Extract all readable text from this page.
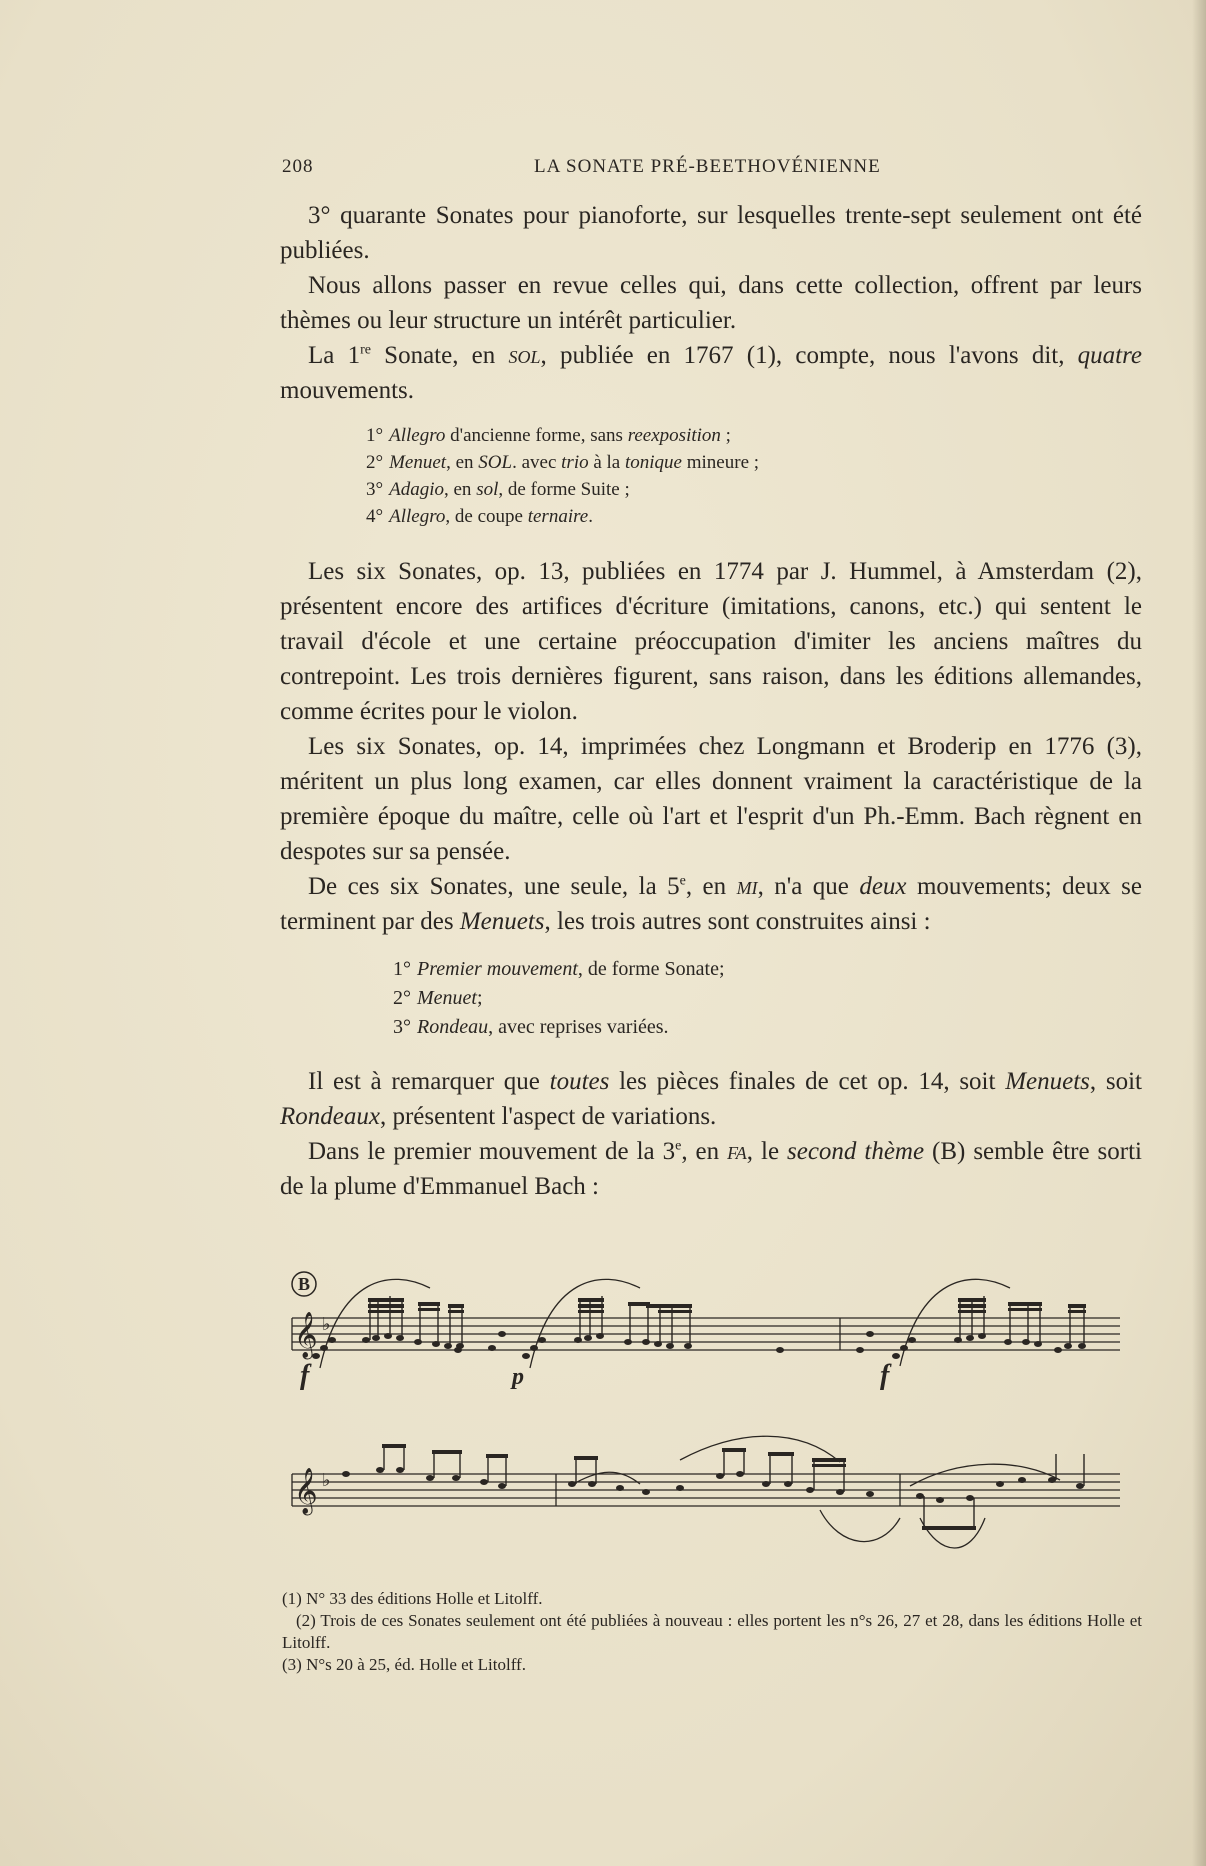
208	LA SONATE PRÉ-BEETHOVÉNIENNE

3° quarante Sonates pour pianoforte, sur lesquelles trente-sept seulement ont été publiées.

Nous allons passer en revue celles qui, dans cette collection, offrent par leurs thèmes ou leur structure un intérêt particulier.

La 1re Sonate, en sol, publiée en 1767 (1), compte, nous l'avons dit, quatre mouvements.

1° Allegro d'ancienne forme, sans reexposition ;
2° Menuet, en SOL. avec trio à la tonique mineure ;
3° Adagio, en sol, de forme Suite ;
4° Allegro, de coupe ternaire.

Les six Sonates, op. 13, publiées en 1774 par J. Hummel, à Amsterdam (2), présentent encore des artifices d'écriture (imitations, canons, etc.) qui sentent le travail d'école et une certaine préoccupation d'imiter les anciens maîtres du contrepoint. Les trois dernières figurent, sans raison, dans les éditions allemandes, comme écrites pour le violon.

Les six Sonates, op. 14, imprimées chez Longmann et Broderip en 1776 (3), méritent un plus long examen, car elles donnent vraiment la caractéristique de la première époque du maître, celle où l'art et l'esprit d'un Ph.-Emm. Bach règnent en despotes sur sa pensée.

De ces six Sonates, une seule, la 5e, en mi, n'a que deux mouvements; deux se terminent par des Menuets, les trois autres sont construites ainsi :

1° Premier mouvement, de forme Sonate;
2° Menuet;
3° Rondeau, avec reprises variées.

Il est à remarquer que toutes les pièces finales de cet op. 14, soit Menuets, soit Rondeaux, présentent l'aspect de variations.

Dans le premier mouvement de la 3e, en fa, le second thème (B) semble être sorti de la plume d'Emmanuel Bach :

𝄞
𝄞
♭
♭
B
f	p	f

(1) N° 33 des éditions Holle et Litolff.

(2) Trois de ces Sonates seulement ont été publiées à nouveau : elles portent les n°s 26, 27 et 28, dans les éditions Holle et Litolff.

(3) N°s 20 à 25, éd. Holle et Litolff.
